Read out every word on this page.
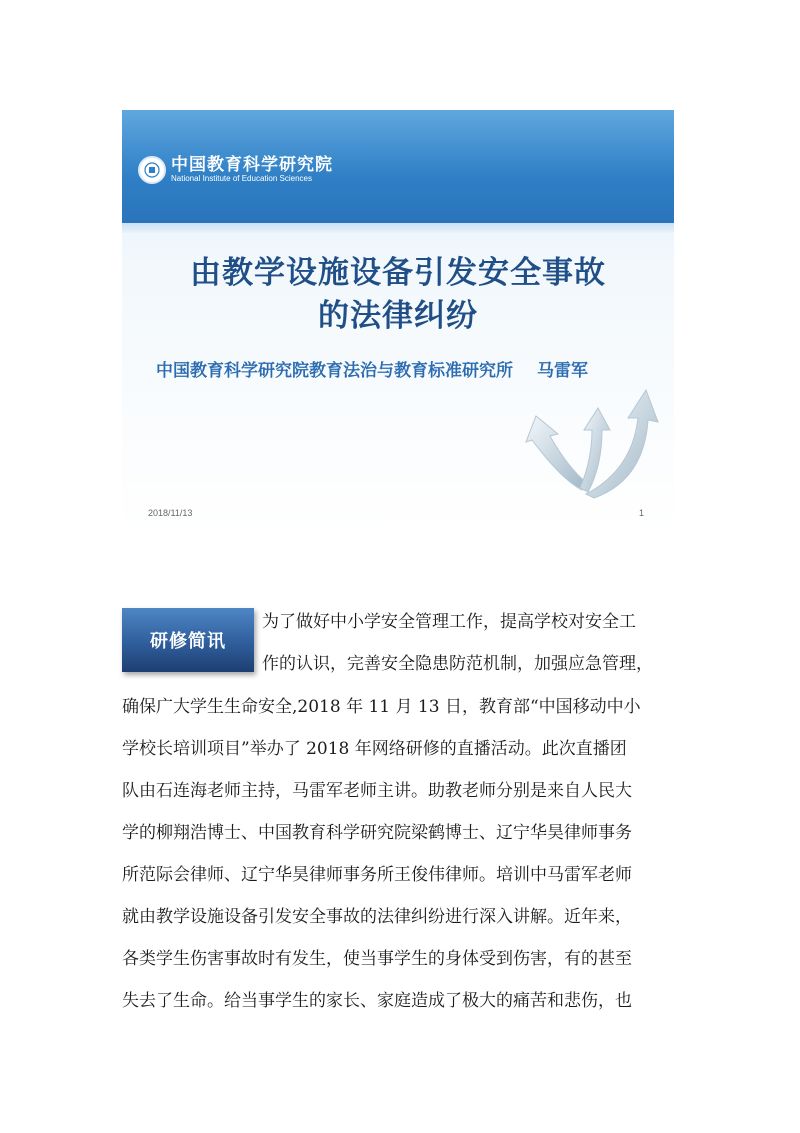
中国教育科学研究院
National Institute of Education Sciences
由教学设施设备引发安全事故
的法律纠纷
中国教育科学研究院教育法治与教育标准研究所 马雷军
2018/11/13	1
研修简讯
为了做好中小学安全管理工作，提高学校对安全工
作的认识，完善安全隐患防范机制，加强应急管理，
确保广大学生生命安全,2018 年 11 月 13 日，教育部“中国移动中小
学校长培训项目”举办了 2018 年网络研修的直播活动。此次直播团
队由石连海老师主持，马雷军老师主讲。助教老师分别是来自人民大
学的柳翔浩博士、中国教育科学研究院梁鹤博士、辽宁华昊律师事务
所范际会律师、辽宁华昊律师事务所王俊伟律师。培训中马雷军老师
就由教学设施设备引发安全事故的法律纠纷进行深入讲解。近年来，
各类学生伤害事故时有发生，使当事学生的身体受到伤害，有的甚至
失去了生命。给当事学生的家长、家庭造成了极大的痛苦和悲伤，也
